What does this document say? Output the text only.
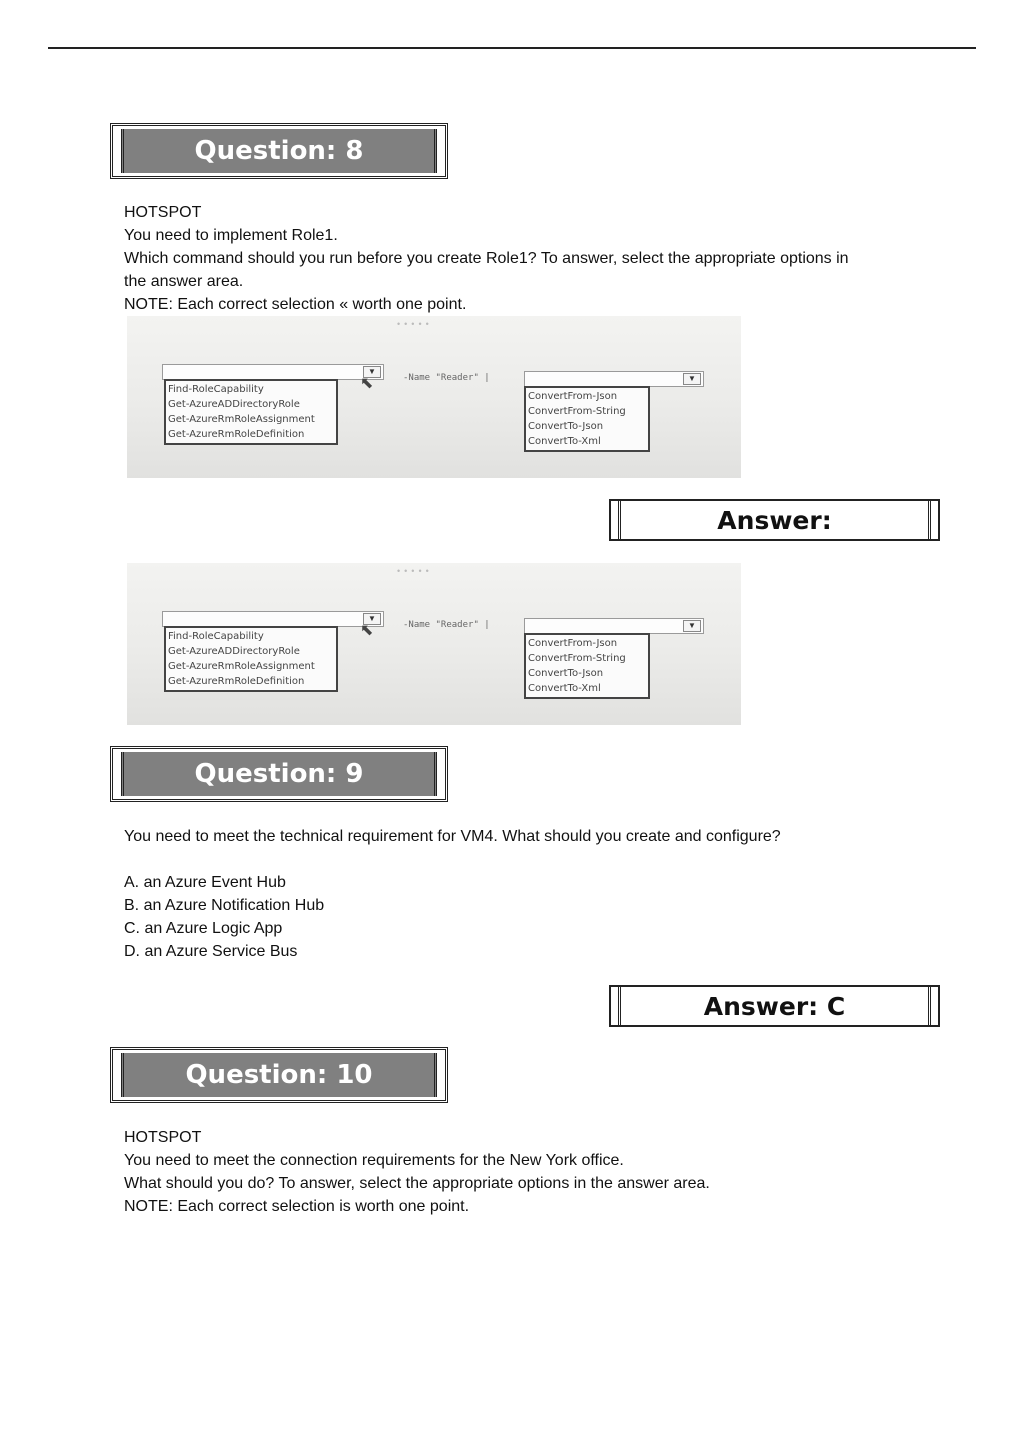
Question: 8
HOTSPOT
You need to implement Role1.
Which command should you run before you create Role1? To answer, select the appropriate options in
the answer area.
NOTE: Each correct selection « worth one point.
•••••
▼
⬉
Find-RoleCapability
Get-AzureADDirectoryRole
Get-AzureRmRoleAssignment
Get-AzureRmRoleDefinition
-Name "Reader" |	▼
ConvertFrom-Json
ConvertFrom-String
ConvertTo-Json
ConvertTo-Xml
Answer:
•••••
▼
⬉
Find-RoleCapability
Get-AzureADDirectoryRole
Get-AzureRmRoleAssignment
Get-AzureRmRoleDefinition
-Name "Reader" |	▼
ConvertFrom-Json
ConvertFrom-String
ConvertTo-Json
ConvertTo-Xml
Question: 9
You need to meet the technical requirement for VM4. What should you create and configure?
A. an Azure Event Hub
B. an Azure Notification Hub
C. an Azure Logic App
D. an Azure Service Bus
Answer: C
Question: 10
HOTSPOT
You need to meet the connection requirements for the New York office.
What should you do? To answer, select the appropriate options in the answer area.
NOTE: Each correct selection is worth one point.
